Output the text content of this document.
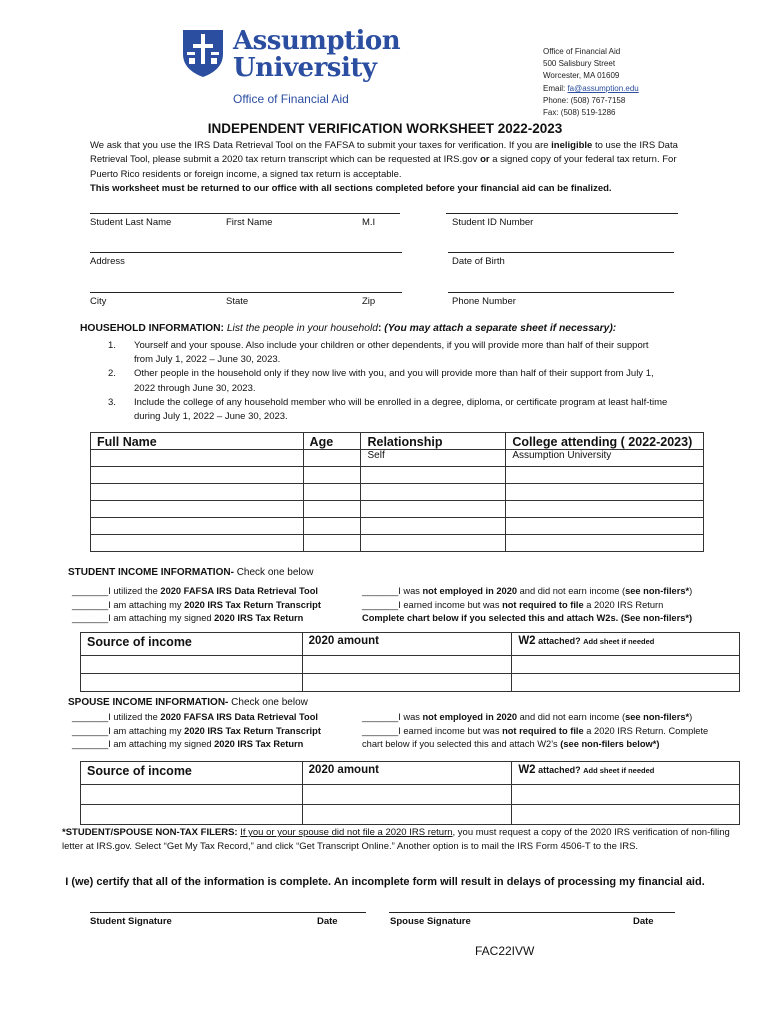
Assumption
University
Office of Financial Aid
Office of Financial Aid
500 Salisbury Street
Worcester, MA 01609
Email: fa@assumption.edu
Phone: (508) 767-7158
Fax: (508) 519-1286
INDEPENDENT VERIFICATION WORKSHEET 2022-2023
We ask that you use the IRS Data Retrieval Tool on the FAFSA to submit your taxes for verification. If you are ineligible to use the IRS Data Retrieval Tool, please submit a 2020 tax return transcript which can be requested at IRS.gov or a signed copy of your federal tax return. For Puerto Rico residents or foreign income, a signed tax return is acceptable.
This worksheet must be returned to our office with all sections completed before your financial aid can be finalized.
Student Last Name	First Name	M.I	Student ID Number
Address	Date of Birth
City	State	Zip	Phone Number
HOUSEHOLD INFORMATION: List the people in your household: (You may attach a separate sheet if necessary):
1. Yourself and your spouse. Also include your children or other dependents, if you will provide more than half of their support from July 1, 2022 – June 30, 2023.
2. Other people in the household only if they now live with you, and you will provide more than half of their support from July 1, 2022 through June 30, 2023.
3. Include the college of any household member who will be enrolled in a degree, diploma, or certificate program at least half-time during July 1, 2022 – June 30, 2023.
Full Name	Age	Relationship	College attending ( 2022-2023)
		Self	Assumption University

STUDENT INCOME INFORMATION- Check one below
_______I utilized the 2020 FAFSA IRS Data Retrieval Tool
_______I am attaching my 2020 IRS Tax Return Transcript
_______I am attaching my signed 2020 IRS Tax Return
_______I was not employed in 2020 and did not earn income (see non-filers*)
_______I earned income but was not required to file a 2020 IRS Return
Complete chart below if you selected this and attach W2s. (See non-filers*)
Source of income	2020 amount	W2 attached? Add sheet if needed

SPOUSE INCOME INFORMATION- Check one below
_______I utilized the 2020 FAFSA IRS Data Retrieval Tool
_______I am attaching my 2020 IRS Tax Return Transcript
_______I am attaching my signed 2020 IRS Tax Return
_______I was not employed in 2020 and did not earn income (see non-filers*)
_______I earned income but was not required to file a 2020 IRS Return. Complete
chart below if you selected this and attach W2’s (see non-filers below*)
Source of income	2020 amount	W2 attached? Add sheet if needed

*STUDENT/SPOUSE NON-TAX FILERS: If you or your spouse did not file a 2020 IRS return, you must request a copy of the 2020 IRS verification of non-filing letter at IRS.gov. Select “Get My Tax Record,” and click “Get Transcript Online.” Another option is to mail the IRS Form 4506-T to the IRS.
I (we) certify that all of the information is complete. An incomplete form will result in delays of processing my financial aid.
Student Signature	Date	Spouse Signature	Date
FAC22IVW
